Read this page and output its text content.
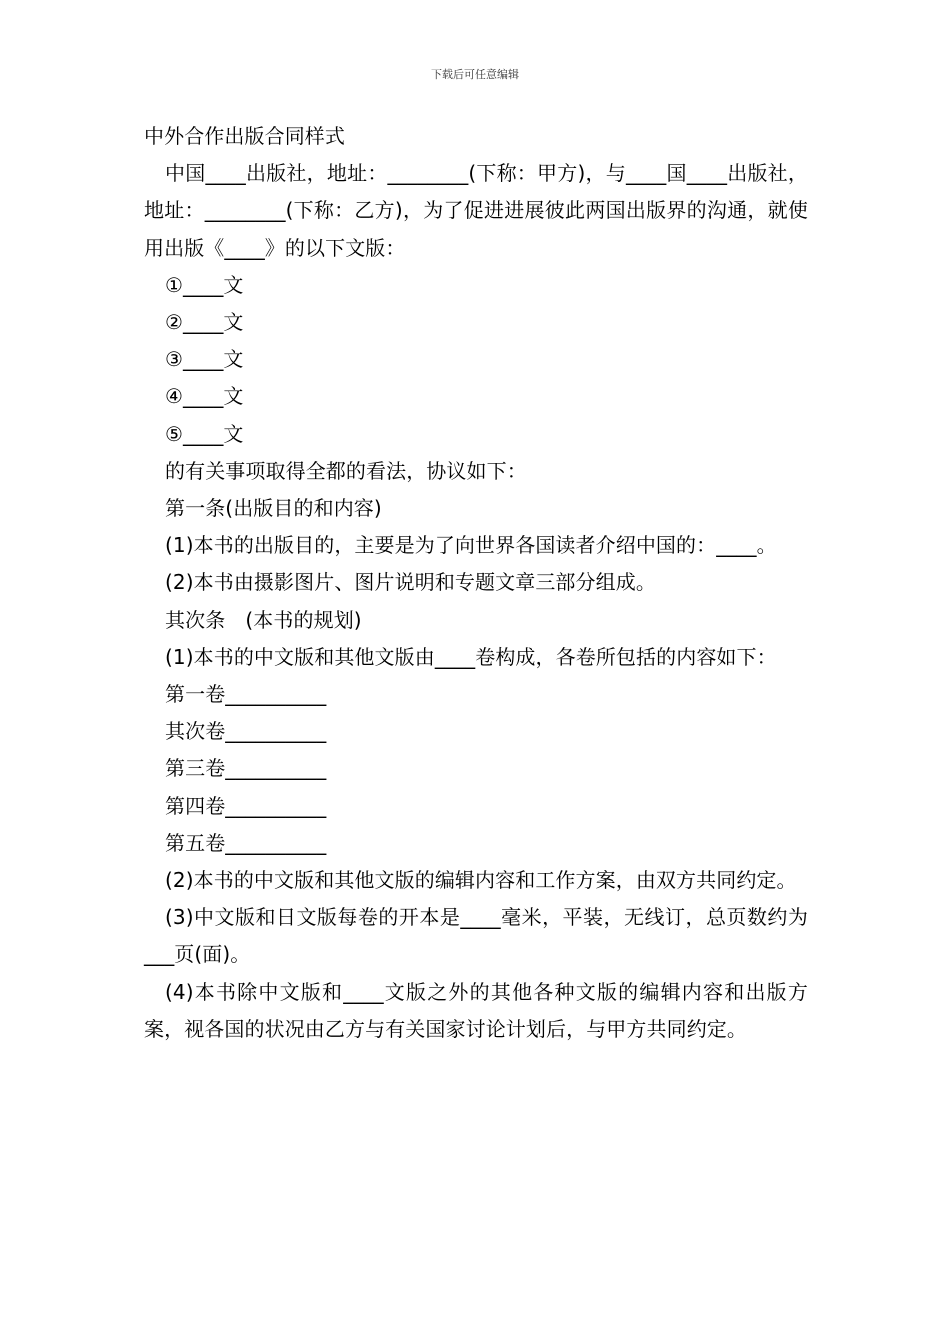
下载后可任意编辑

中外合作出版合同样式

中国____出版社，地址：________(下称：甲方)，与____国____出版社，地址：________(下称：乙方)，为了促进进展彼此两国出版界的沟通，就使用出版《____》的以下文版：

①____文

②____文

③____文

④____文

⑤____文

的有关事项取得全都的看法，协议如下：

第一条(出版目的和内容)

(1)本书的出版目的，主要是为了向世界各国读者介绍中国的：____。

(2)本书由摄影图片、图片说明和专题文章三部分组成。

其次条　(本书的规划)

(1)本书的中文版和其他文版由____卷构成，各卷所包括的内容如下：

第一卷__________

其次卷__________

第三卷__________

第四卷__________

第五卷__________

(2)本书的中文版和其他文版的编辑内容和工作方案，由双方共同约定。

(3)中文版和日文版每卷的开本是____毫米，平装，无线订，总页数约为___页(面)。

(4)本书除中文版和____文版之外的其他各种文版的编辑内容和出版方案，视各国的状况由乙方与有关国家讨论计划后，与甲方共同约定。
